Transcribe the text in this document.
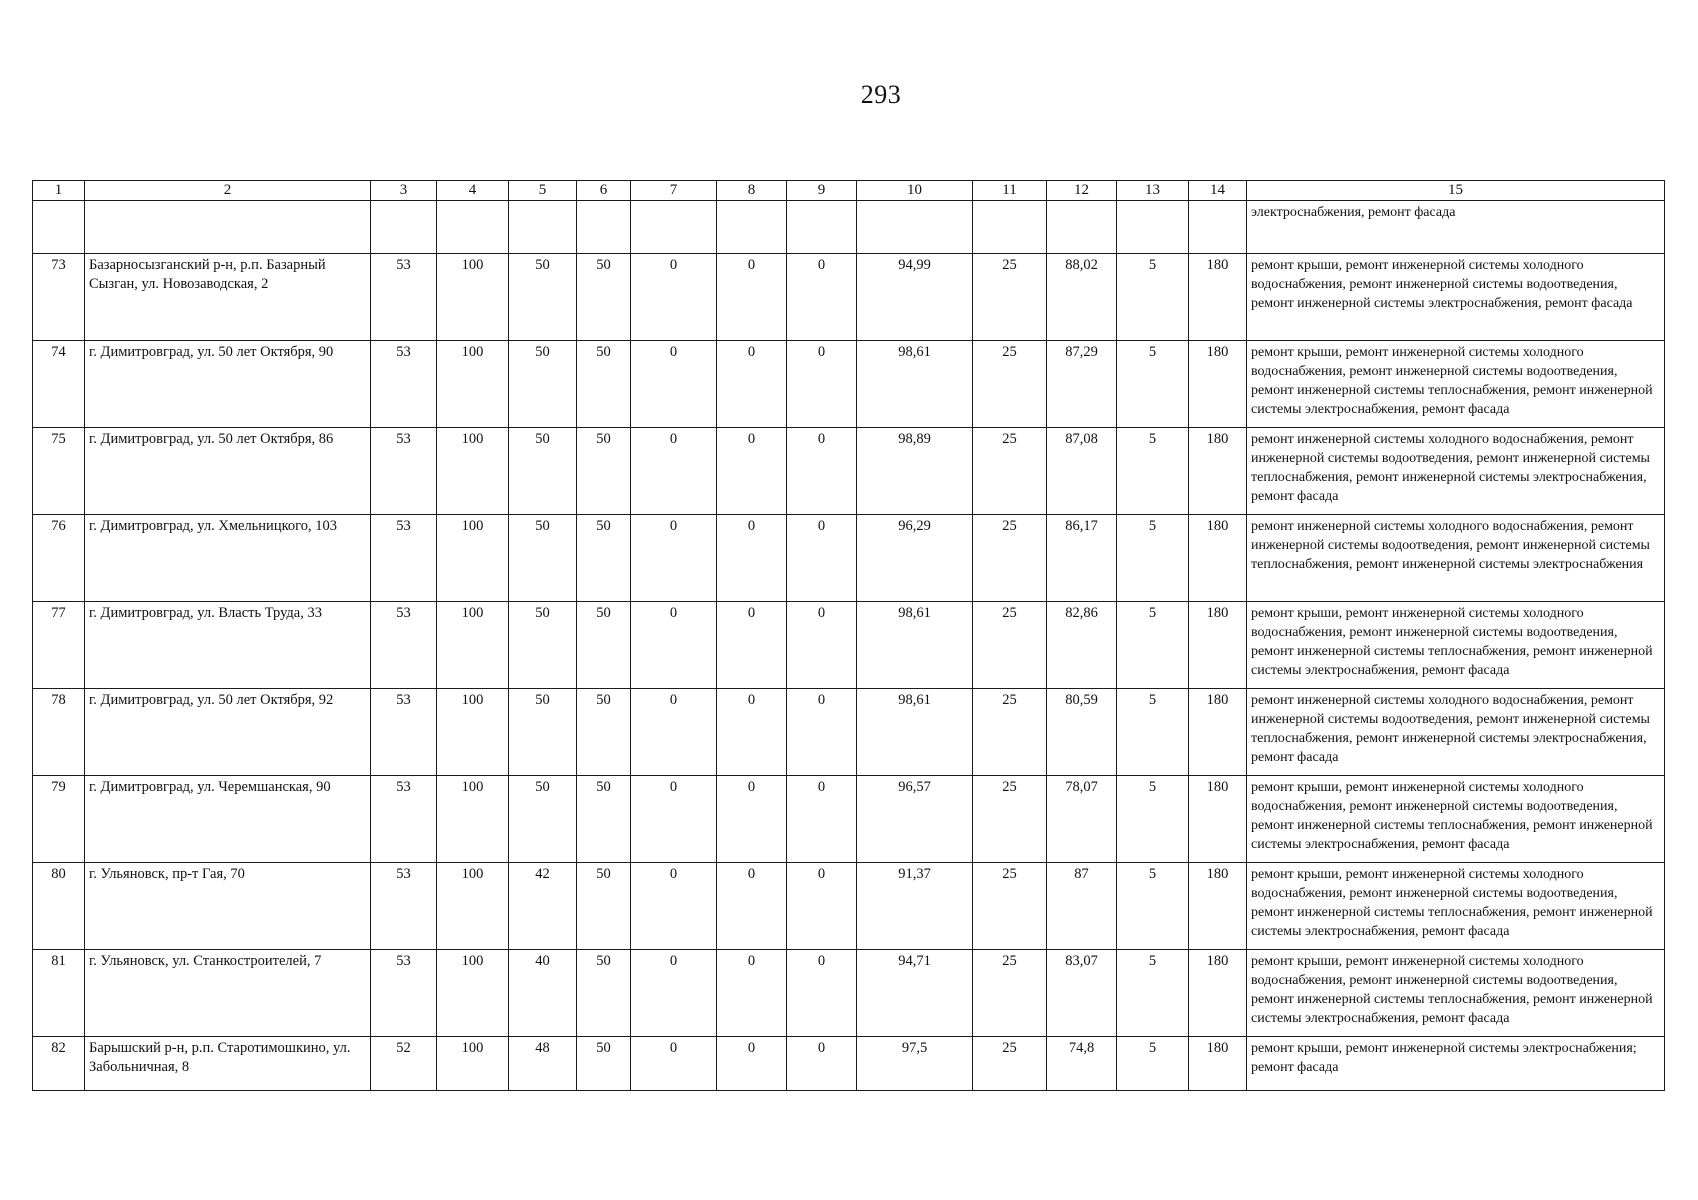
293
1	2	3	4	5	6	7	8	9	10	11	12	13	14	15
														электроснабжения, ремонт фасада
73	Базарносызганский р-н, р.п. Базарный Сызган, ул. Новозаводская, 2	53	100	50	50	0	0	0	94,99	25	88,02	5	180	ремонт крыши, ремонт инженерной системы холодного водоснабжения, ремонт инженерной системы водоотведения, ремонт инженерной системы электроснабжения, ремонт фасада
74	г. Димитровград, ул. 50 лет Октября, 90	53	100	50	50	0	0	0	98,61	25	87,29	5	180	ремонт крыши, ремонт инженерной системы холодного водоснабжения, ремонт инженерной системы водоотведения, ремонт инженерной системы теплоснабжения, ремонт инженерной системы электроснабжения, ремонт фасада
75	г. Димитровград, ул. 50 лет Октября, 86	53	100	50	50	0	0	0	98,89	25	87,08	5	180	ремонт инженерной системы холодного водоснабжения, ремонт инженерной системы водоотведения, ремонт инженерной системы теплоснабжения, ремонт инженерной системы электроснабжения, ремонт фасада
76	г. Димитровград, ул. Хмельницкого, 103	53	100	50	50	0	0	0	96,29	25	86,17	5	180	ремонт инженерной системы холодного водоснабжения, ремонт инженерной системы водоотведения, ремонт инженерной системы теплоснабжения, ремонт инженерной системы электроснабжения
77	г. Димитровград, ул. Власть Труда, 33	53	100	50	50	0	0	0	98,61	25	82,86	5	180	ремонт крыши, ремонт инженерной системы холодного водоснабжения, ремонт инженерной системы водоотведения, ремонт инженерной системы теплоснабжения, ремонт инженерной системы электроснабжения, ремонт фасада
78	г. Димитровград, ул. 50 лет Октября, 92	53	100	50	50	0	0	0	98,61	25	80,59	5	180	ремонт инженерной системы холодного водоснабжения, ремонт инженерной системы водоотведения, ремонт инженерной системы теплоснабжения, ремонт инженерной системы электроснабжения, ремонт фасада
79	г. Димитровград, ул. Черемшанская, 90	53	100	50	50	0	0	0	96,57	25	78,07	5	180	ремонт крыши, ремонт инженерной системы холодного водоснабжения, ремонт инженерной системы водоотведения, ремонт инженерной системы теплоснабжения, ремонт инженерной системы электроснабжения, ремонт фасада
80	г. Ульяновск, пр-т Гая, 70	53	100	42	50	0	0	0	91,37	25	87	5	180	ремонт крыши, ремонт инженерной системы холодного водоснабжения, ремонт инженерной системы водоотведения, ремонт инженерной системы теплоснабжения, ремонт инженерной системы электроснабжения, ремонт фасада
81	г. Ульяновск, ул. Станкостроителей, 7	53	100	40	50	0	0	0	94,71	25	83,07	5	180	ремонт крыши, ремонт инженерной системы холодного водоснабжения, ремонт инженерной системы водоотведения, ремонт инженерной системы теплоснабжения, ремонт инженерной системы электроснабжения, ремонт фасада
82	Барышский р-н, р.п. Старотимошкино, ул. Забольничная, 8	52	100	48	50	0	0	0	97,5	25	74,8	5	180	ремонт крыши, ремонт инженерной системы электроснабжения; ремонт фасада
